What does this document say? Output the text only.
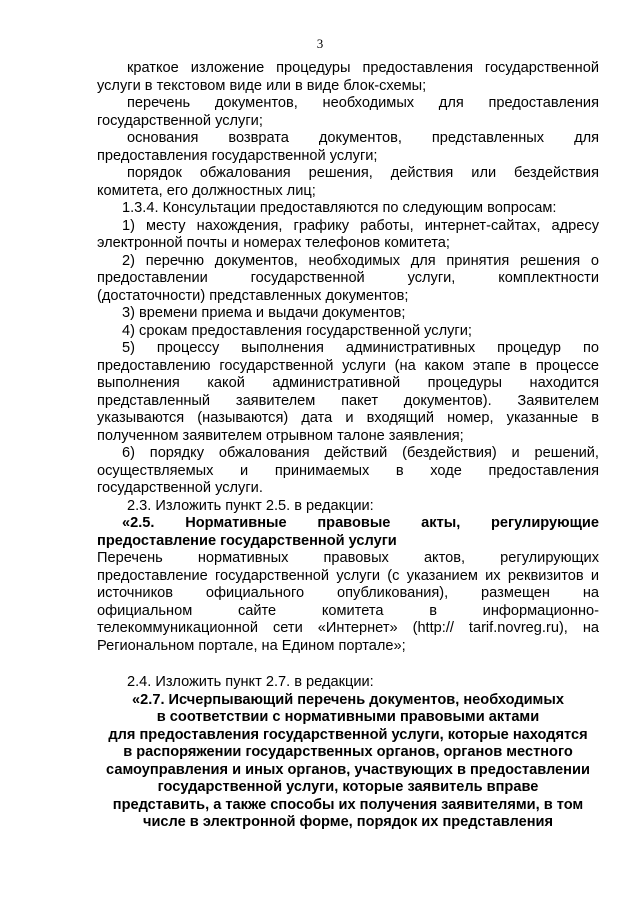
3
краткое изложение процедуры предоставления государственной
услуги в текстовом виде или в виде блок-схемы;
перечень документов, необходимых для предоставления
государственной услуги;
основания возврата документов, представленных для
предоставления государственной услуги;
порядок обжалования решения, действия или бездействия
комитета, его должностных лиц;
1.3.4. Консультации предоставляются по следующим вопросам:
1) месту нахождения, графику работы, интернет-сайтах, адресу
электронной почты и номерах телефонов комитета;
2) перечню документов, необходимых для принятия решения о
предоставлении государственной услуги, комплектности
(достаточности) представленных документов;
3) времени приема и выдачи документов;
4) срокам предоставления государственной услуги;
5) процессу выполнения административных процедур по
предоставлению государственной услуги (на каком этапе в процессе
выполнения какой административной процедуры находится
представленный заявителем пакет документов). Заявителем
указываются (называются) дата и входящий номер, указанные в
полученном заявителем отрывном талоне заявления;
6) порядку обжалования действий (бездействия) и решений,
осуществляемых и принимаемых в ходе предоставления
государственной услуги.
2.3. Изложить пункт 2.5. в редакции:
«2.5. Нормативные правовые акты, регулирующие
предоставление государственной услуги
Перечень нормативных правовых актов, регулирующих
предоставление государственной услуги (с указанием их реквизитов и
источников официального опубликования), размещен на
официальном сайте комитета в информационно-
телекоммуникационной сети «Интернет» (http:// tarif.novreg.ru), на
Региональном портале, на Едином портале»;
2.4. Изложить пункт 2.7. в редакции:
«2.7. Исчерпывающий перечень документов, необходимых
в соответствии с нормативными правовыми актами
для предоставления государственной услуги, которые находятся
в распоряжении государственных органов, органов местного
самоуправления и иных органов, участвующих в предоставлении
государственной услуги, которые заявитель вправе
представить, а также способы их получения заявителями, в том
числе в электронной форме, порядок их представления
